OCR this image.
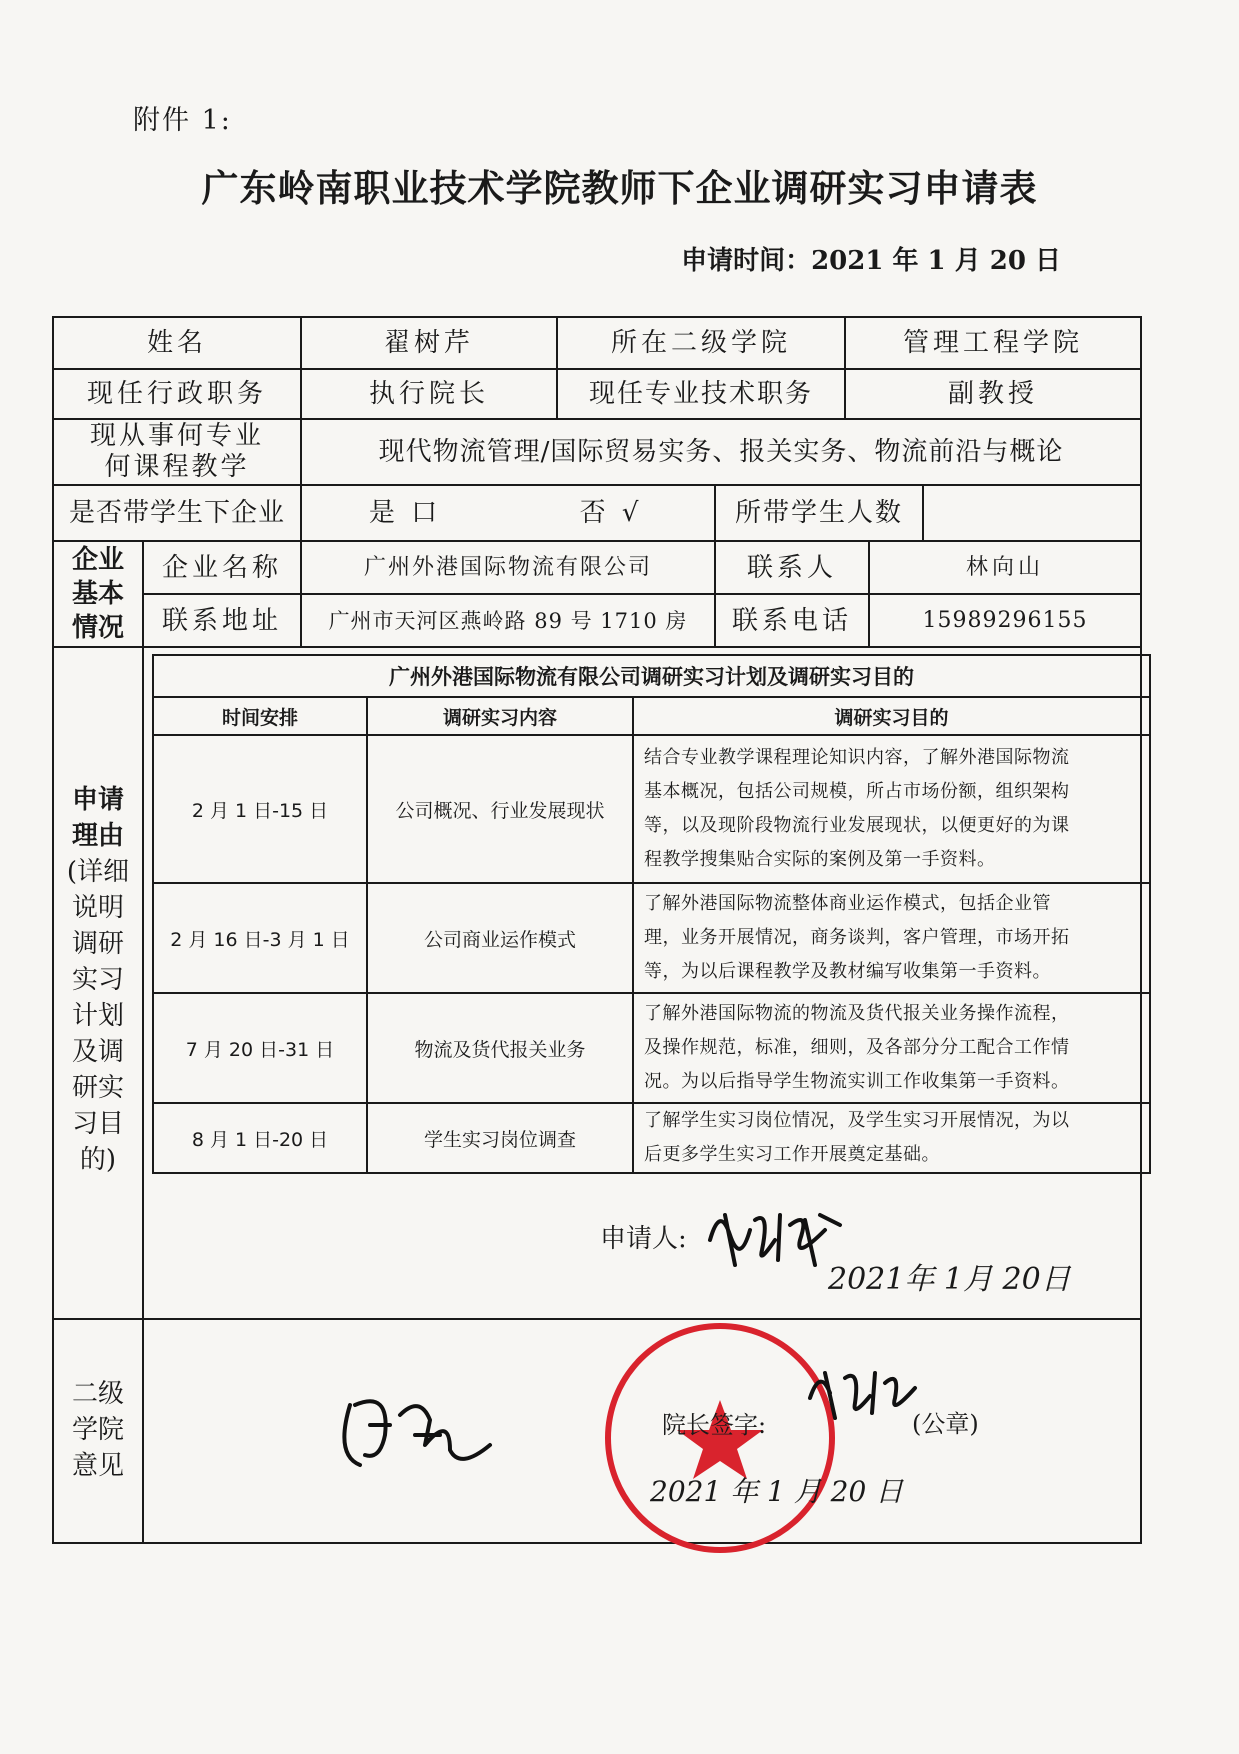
附件 1:
广东岭南职业技术学院教师下企业调研实习申请表
申请时间：2021 年 1 月 20 日
姓名	翟树芹	所在二级学院	管理工程学院
现任行政职务	执行院长	现任专业技术职务	副教授
现从事何专业
何课程教学	现代物流管理/国际贸易实务、报关实务、物流前沿与概论
是否带学生下企业	是 口	否 √	所带学生人数
企业
基本
情况
企业名称	广州外港国际物流有限公司	联系人	林向山
联系地址	广州市天河区燕岭路 89 号 1710 房	联系电话	15989296155
申请
理由
(详细
说明
调研
实习
计划
及调
研实
习目
的)
广州外港国际物流有限公司调研实习计划及调研实习目的
时间安排	调研实习内容	调研实习目的
2 月 1 日-15 日	公司概况、行业发展现状
结合专业教学课程理论知识内容，了解外港国际物流
基本概况，包括公司规模，所占市场份额，组织架构
等，以及现阶段物流行业发展现状，以便更好的为课
程教学搜集贴合实际的案例及第一手资料。
2 月 16 日-3 月 1 日	公司商业运作模式
了解外港国际物流整体商业运作模式，包括企业管
理，业务开展情况，商务谈判，客户管理，市场开拓
等，为以后课程教学及教材编写收集第一手资料。
7 月 20 日-31 日	物流及货代报关业务
了解外港国际物流的物流及货代报关业务操作流程，
及操作规范，标准，细则，及各部分分工配合工作情
况。为以后指导学生物流实训工作收集第一手资料。
8 月 1 日-20 日	学生实习岗位调查
了解学生实习岗位情况，及学生实习开展情况，为以
后更多学生实习工作开展奠定基础。
申请人:
2021年 1月 20日
二级
学院
意见
院长签字:	(公章)
2021 年 1 月 20 日
